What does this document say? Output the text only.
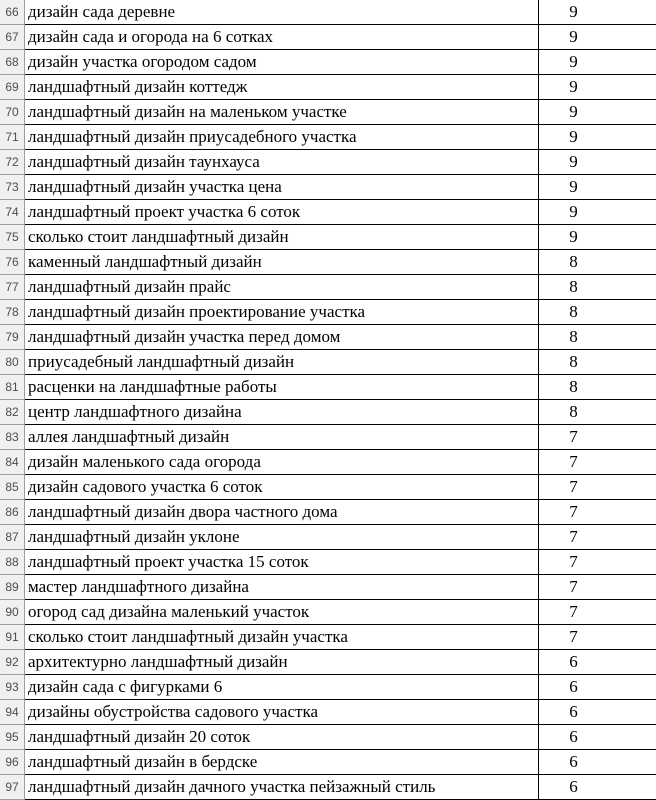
66	дизайн сада деревне	9
67	дизайн сада и огорода на 6 сотках	9
68	дизайн участка огородом садом	9
69	ландшафтный дизайн коттедж	9
70	ландшафтный дизайн на маленьком участке	9
71	ландшафтный дизайн приусадебного участка	9
72	ландшафтный дизайн таунхауса	9
73	ландшафтный дизайн участка цена	9
74	ландшафтный проект участка 6 соток	9
75	сколько стоит ландшафтный дизайн	9
76	каменный ландшафтный дизайн	8
77	ландшафтный дизайн прайс	8
78	ландшафтный дизайн проектирование участка	8
79	ландшафтный дизайн участка перед домом	8
80	приусадебный ландшафтный дизайн	8
81	расценки на ландшафтные работы	8
82	центр ландшафтного дизайна	8
83	аллея ландшафтный дизайн	7
84	дизайн маленького сада огорода	7
85	дизайн садового участка 6 соток	7
86	ландшафтный дизайн двора частного дома	7
87	ландшафтный дизайн уклоне	7
88	ландшафтный проект участка 15 соток	7
89	мастер ландшафтного дизайна	7
90	огород сад дизайна маленький участок	7
91	сколько стоит ландшафтный дизайн участка	7
92	архитектурно ландшафтный дизайн	6
93	дизайн сада с фигурками 6	6
94	дизайны обустройства садового участка	6
95	ландшафтный дизайн 20 соток	6
96	ландшафтный дизайн в бердске	6
97	ландшафтный дизайн дачного участка пейзажный стиль	6
